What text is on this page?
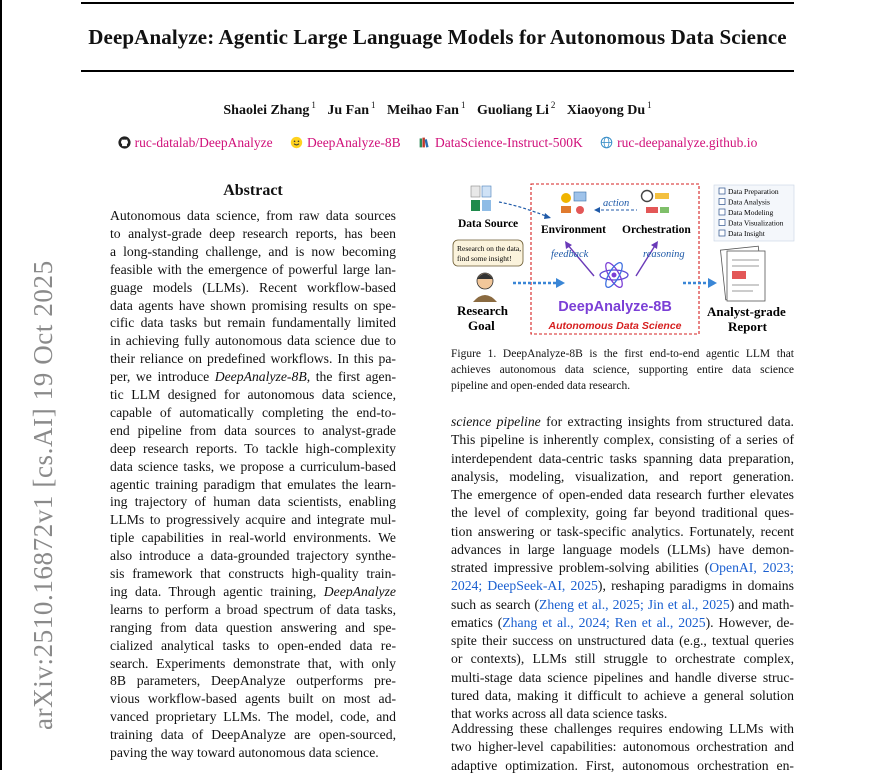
arXiv:2510.16872v1 [cs.AI] 19 Oct 2025
DeepAnalyze: Agentic Large Language Models for Autonomous Data Science
Shaolei Zhang $^1$ Ju Fan $^1$ Meihao Fan $^1$ Guoliang Li $^2$ Xiaoyong Du $^1$
ruc-datalab/DeepAnalyze	DeepAnalyze-8B	DataScience-Instruct-500K	ruc-deepanalyze.github.io
Abstract
Autonomous data science, from raw data sources
to analyst-grade deep research reports, has been
a long-standing challenge, and is now becoming
feasible with the emergence of powerful large lan-
guage models (LLMs). Recent workflow-based
data agents have shown promising results on spe-
cific data tasks but remain fundamentally limited
in achieving fully autonomous data science due to
their reliance on predefined workflows. In this pa-
per, we introduce DeepAnalyze-8B, the first agen-
tic LLM designed for autonomous data science,
capable of automatically completing the end-to-
end pipeline from data sources to analyst-grade
deep research reports. To tackle high-complexity
data science tasks, we propose a curriculum-based
agentic training paradigm that emulates the learn-
ing trajectory of human data scientists, enabling
LLMs to progressively acquire and integrate mul-
tiple capabilities in real-world environments. We
also introduce a data-grounded trajectory synthe-
sis framework that constructs high-quality train-
ing data. Through agentic training, DeepAnalyze
learns to perform a broad spectrum of data tasks,
ranging from data question answering and spe-
cialized analytical tasks to open-ended data re-
search. Experiments demonstrate that, with only
8B parameters, DeepAnalyze outperforms pre-
vious workflow-based agents built on most ad-
vanced proprietary LLMs. The model, code, and
training data of DeepAnalyze are open-sourced,
paving the way toward autonomous data science.
Data Source Environment Orchestration
action
feedback	reasoning
DeepAnalyze-8B
Autonomous Data Science
Research on the data,
find some insight!
Research
Goal
Data Preparation
Data Analysis
Data Modeling
Data Visualization
Data Insight
Analyst-grade
Report
Figure 1. DeepAnalyze-8B is the first end-to-end agentic LLM that
achieves autonomous data science, supporting entire data science
pipeline and open-ended data research.
science pipeline for extracting insights from structured data.
This pipeline is inherently complex, consisting of a series of
interdependent data-centric tasks spanning data preparation,
analysis, modeling, visualization, and report generation.
The emergence of open-ended data research further elevates
the level of complexity, going far beyond traditional ques-
tion answering or task-specific analytics. Fortunately, recent
advances in large language models (LLMs) have demon-
strated impressive problem-solving abilities (OpenAI, 2023;
2024; DeepSeek-AI, 2025), reshaping paradigms in domains
such as search (Zheng et al., 2025; Jin et al., 2025) and math-
ematics (Zhang et al., 2024; Ren et al., 2025). However, de-
spite their success on unstructured data (e.g., textual queries
or contexts), LLMs still struggle to orchestrate complex,
multi-stage data science pipelines and handle diverse struc-
tured data, making it difficult to achieve a general solution
that works across all data science tasks.
Addressing these challenges requires endowing LLMs with
two higher-level capabilities: autonomous orchestration and
adaptive optimization. First, autonomous orchestration en-
